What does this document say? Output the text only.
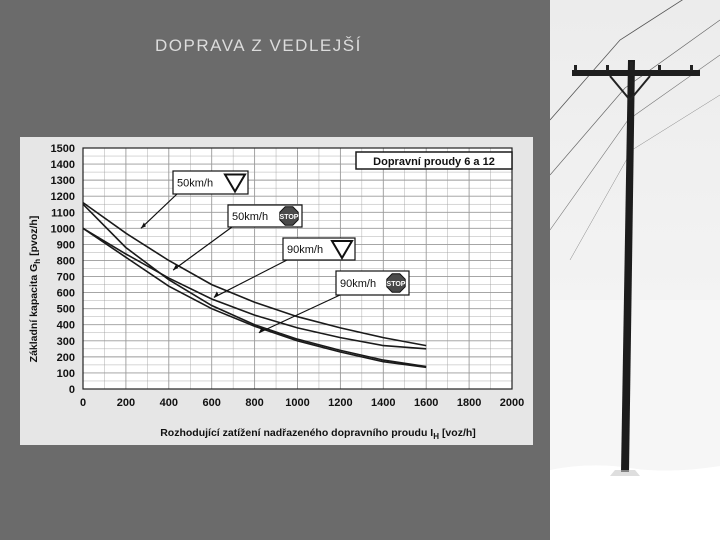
DOPRAVA Z VEDLEJŠÍ
0
100
200
300
400
500
600
700
800
900
1000
1100
1200
1300
1400
1500
0	200 400 600 800 1000 1200 1400 1600 1800 2000
50km/h
50km/h STOP
90km/h
90km/h STOP
Dopravní proudy 6 a 12
Základní kapacita $G_h$ [pvoz/h]
Rozhodující zatížení nadřazeného dopravního proudu $I_H$ [voz/h]
